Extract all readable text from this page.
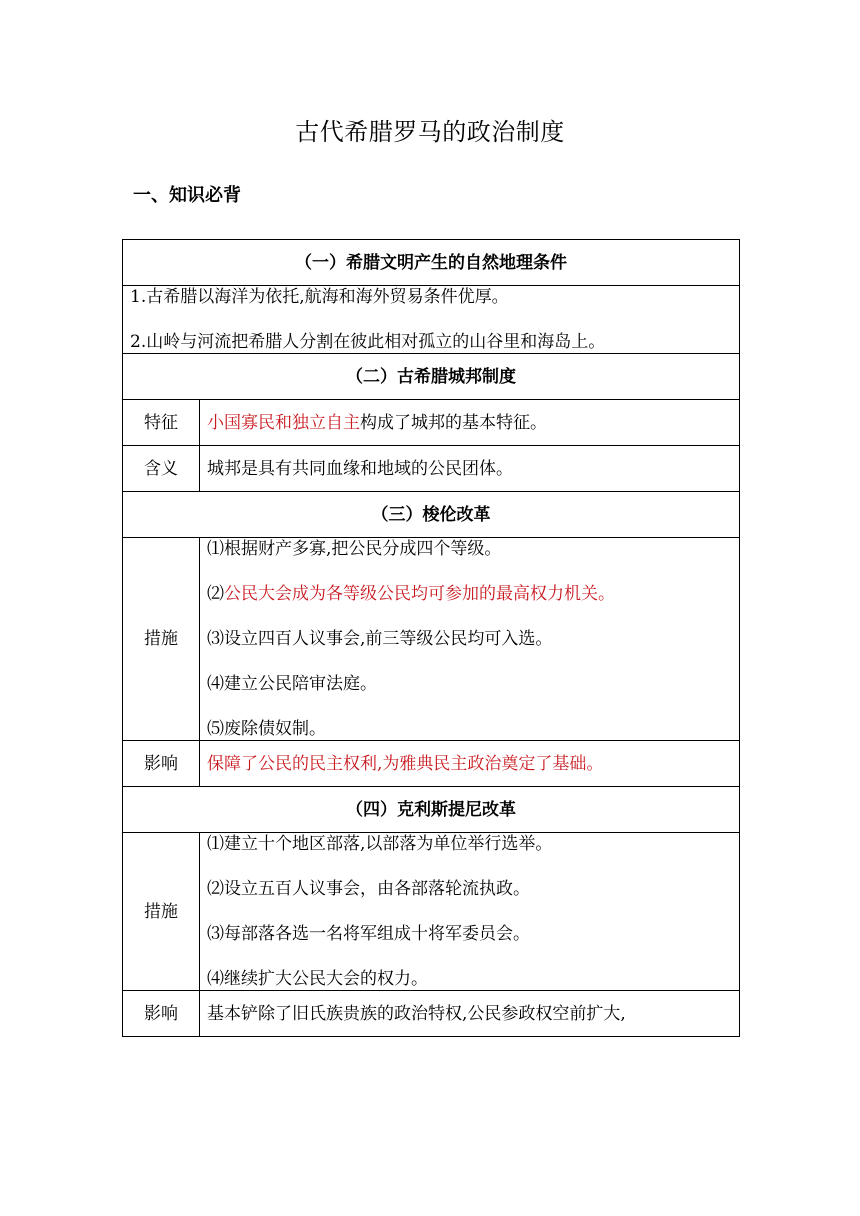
古代希腊罗马的政治制度
一、知识必背
（一）希腊文明产生的自然地理条件	

1.古希腊以海洋为依托,航海和海外贸易条件优厚。
2.山岭与河流把希腊人分割在彼此相对孤立的山谷里和海岛上。	

（二）古希腊城邦制度	
特征	小国寡民和独立自主构成了城邦的基本特征。
含义	城邦是具有共同血缘和地域的公民团体。
（三）梭伦改革	
措施	⑴根据财产多寡,把公民分成四个等级。
⑵公民大会成为各等级公民均可参加的最高权力机关。
⑶设立四百人议事会,前三等级公民均可入选。
⑷建立公民陪审法庭。
⑸废除债奴制。

影响	保障了公民的民主权利,为雅典民主政治奠定了基础。
（四）克利斯提尼改革	
措施	⑴建立十个地区部落,以部落为单位举行选举。
⑵设立五百人议事会，由各部落轮流执政。
⑶每部落各选一名将军组成十将军委员会。
⑷继续扩大公民大会的权力。

影响	基本铲除了旧氏族贵族的政治特权,公民参政权空前扩大,
